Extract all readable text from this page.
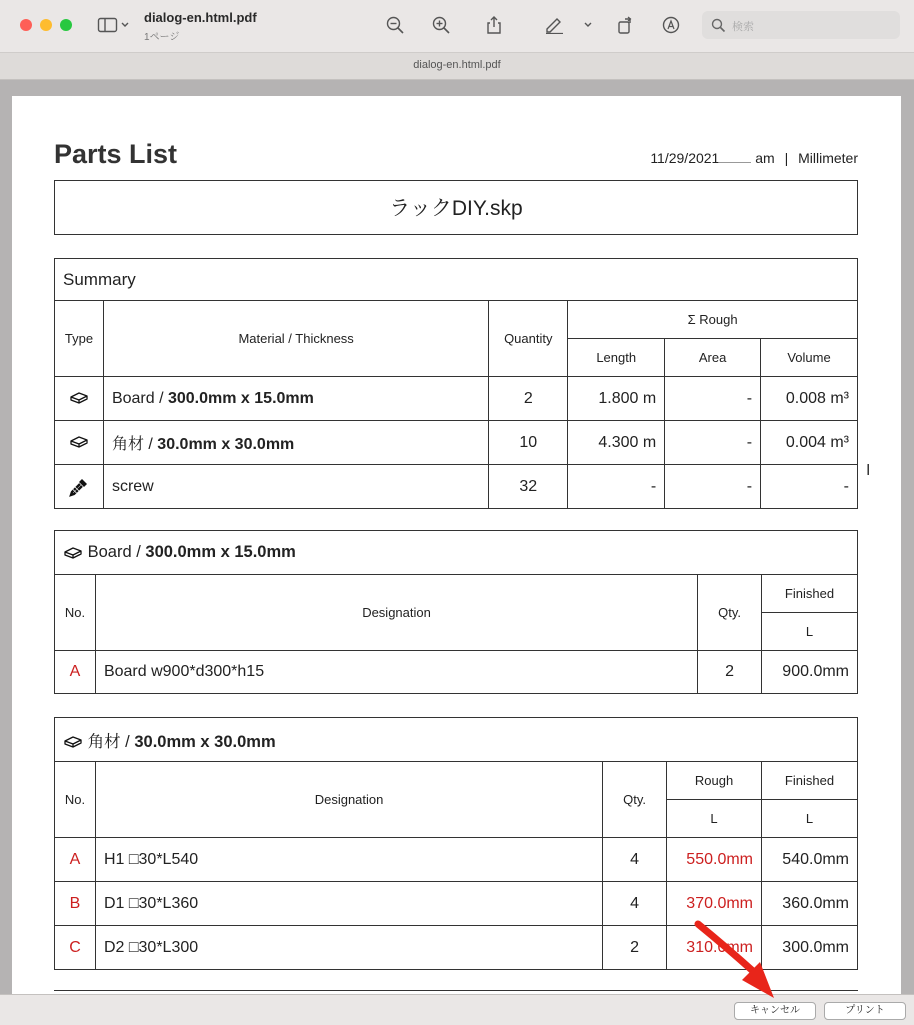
dialog-en.html.pdf
1ページ
検索
dialog-en.html.pdf
Parts List	11/29/2021	am | Millimeter
ラックDIY.skp
Summary					
Type	Material / Thickness	Quantity	Σ Rough		
			Length	Area	Volume
	Board / 300.0mm x 15.0mm	2	1.800 m	-	0.008 m³
	角材 / 30.0mm x 30.0mm	10	4.300 m	-	0.004 m³
	screw	32	-	-	-
I
Board / 300.0mm x 15.0mm			
No.	Designation	Qty.	Finished
			L
A	Board w900*d300*h15	2	900.0mm
角材 / 30.0mm x 30.0mm				
No.	Designation	Qty.	Rough	Finished
			L	L
A	H1 □30*L540	4	550.0mm	540.0mm
B	D1 □30*L360	4	370.0mm	360.0mm
C	D2 □30*L300	2	310.0mm	300.0mm
キャンセル	プリント
